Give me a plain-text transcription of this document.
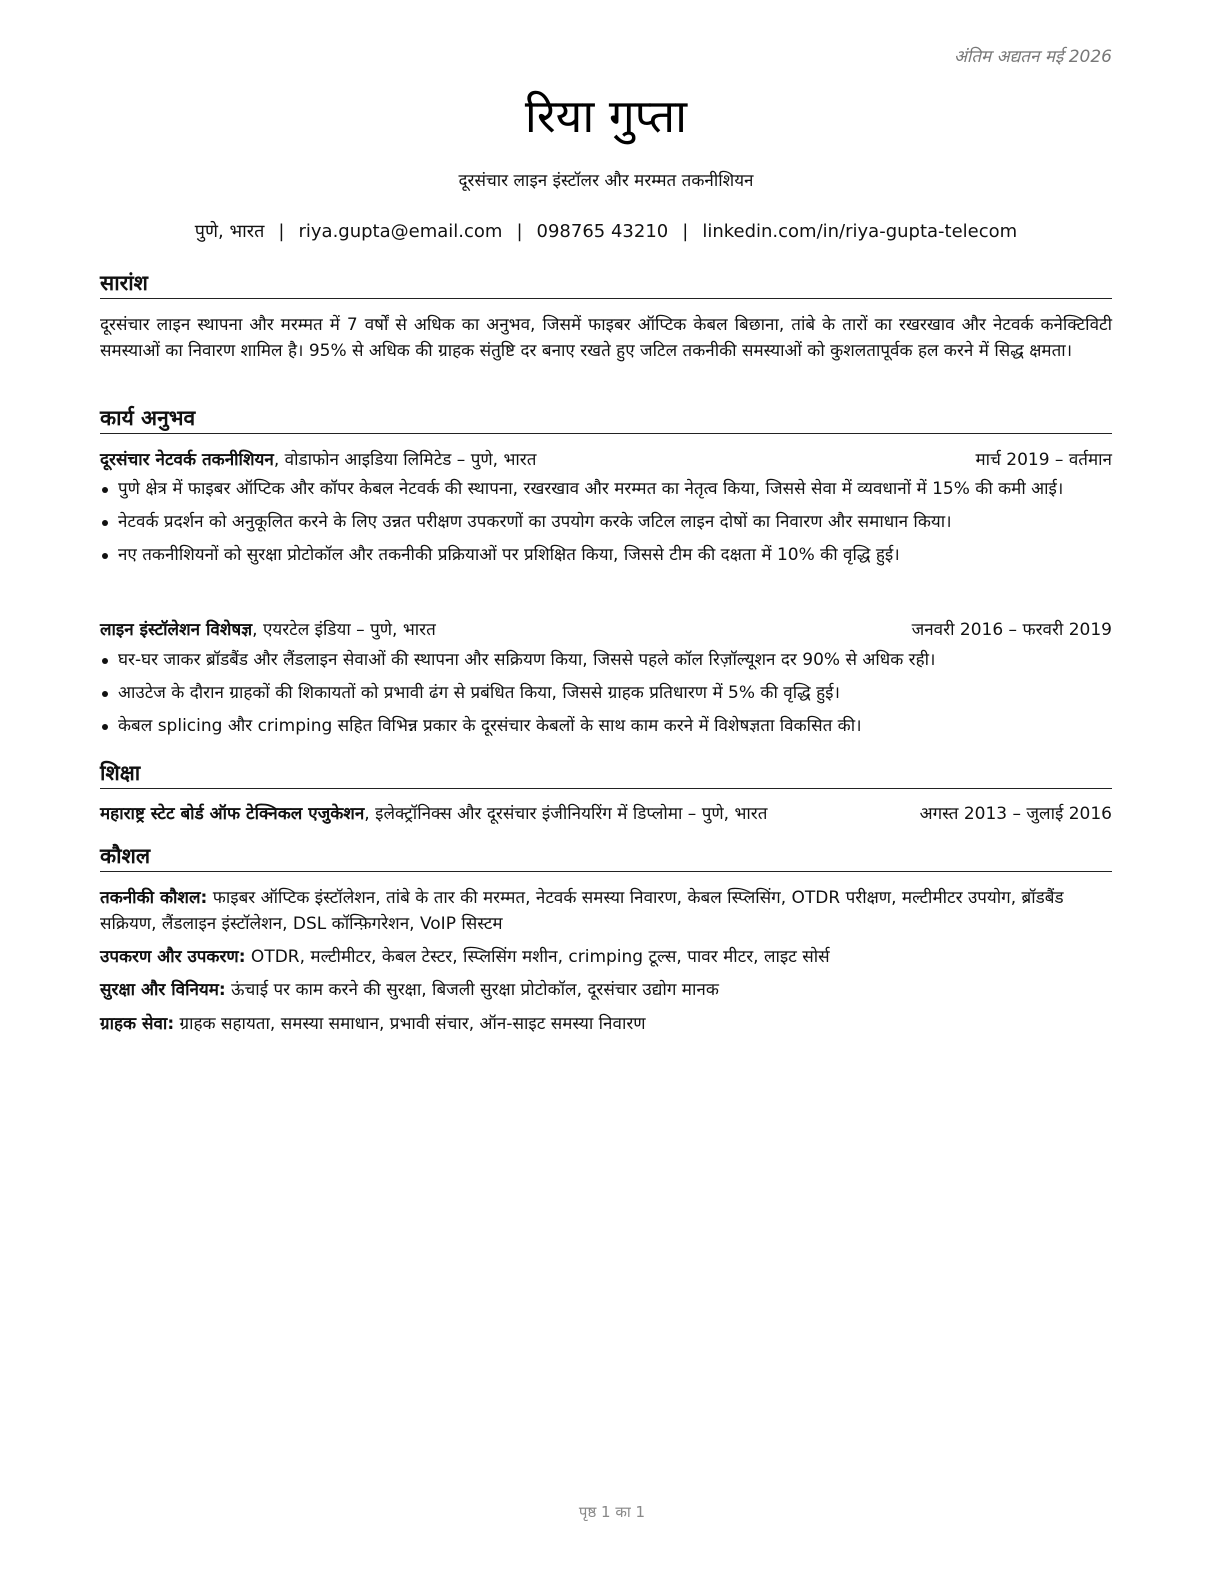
अंतिम अद्यतन मई 2026
रिया गुप्ता
दूरसंचार लाइन इंस्टॉलर और मरम्मत तकनीशियन
पुणे, भारत | riya.gupta@email.com | 098765 43210 | linkedin.com/in/riya-gupta-telecom
सारांश
दूरसंचार लाइन स्थापना और मरम्मत में 7 वर्षों से अधिक का अनुभव, जिसमें फाइबर ऑप्टिक केबल बिछाना, तांबे के तारों का रखरखाव और नेटवर्क कनेक्टिविटी समस्याओं का निवारण शामिल है। 95% से अधिक की ग्राहक संतुष्टि दर बनाए रखते हुए जटिल तकनीकी समस्याओं को कुशलतापूर्वक हल करने में सिद्ध क्षमता।
कार्य अनुभव
दूरसंचार नेटवर्क तकनीशियन, वोडाफोन आइडिया लिमिटेड – पुणे, भारत	मार्च 2019 – वर्तमान
पुणे क्षेत्र में फाइबर ऑप्टिक और कॉपर केबल नेटवर्क की स्थापना, रखरखाव और मरम्मत का नेतृत्व किया, जिससे सेवा में व्यवधानों में 15% की कमी आई।
नेटवर्क प्रदर्शन को अनुकूलित करने के लिए उन्नत परीक्षण उपकरणों का उपयोग करके जटिल लाइन दोषों का निवारण और समाधान किया।
नए तकनीशियनों को सुरक्षा प्रोटोकॉल और तकनीकी प्रक्रियाओं पर प्रशिक्षित किया, जिससे टीम की दक्षता में 10% की वृद्धि हुई।
लाइन इंस्टॉलेशन विशेषज्ञ, एयरटेल इंडिया – पुणे, भारत	जनवरी 2016 – फरवरी 2019
घर-घर जाकर ब्रॉडबैंड और लैंडलाइन सेवाओं की स्थापना और सक्रियण किया, जिससे पहले कॉल रिज़ॉल्यूशन दर 90% से अधिक रही।
आउटेज के दौरान ग्राहकों की शिकायतों को प्रभावी ढंग से प्रबंधित किया, जिससे ग्राहक प्रतिधारण में 5% की वृद्धि हुई।
केबल splicing और crimping सहित विभिन्न प्रकार के दूरसंचार केबलों के साथ काम करने में विशेषज्ञता विकसित की।
शिक्षा
महाराष्ट्र स्टेट बोर्ड ऑफ टेक्निकल एजुकेशन, इलेक्ट्रॉनिक्स और दूरसंचार इंजीनियरिंग में डिप्लोमा – पुणे, भारत	अगस्त 2013 – जुलाई 2016
कौशल
तकनीकी कौशल: फाइबर ऑप्टिक इंस्टॉलेशन, तांबे के तार की मरम्मत, नेटवर्क समस्या निवारण, केबल स्प्लिसिंग, OTDR परीक्षण, मल्टीमीटर उपयोग, ब्रॉडबैंड सक्रियण, लैंडलाइन इंस्टॉलेशन, DSL कॉन्फ़िगरेशन, VoIP सिस्टम
उपकरण और उपकरण: OTDR, मल्टीमीटर, केबल टेस्टर, स्प्लिसिंग मशीन, crimping टूल्स, पावर मीटर, लाइट सोर्स
सुरक्षा और विनियम: ऊंचाई पर काम करने की सुरक्षा, बिजली सुरक्षा प्रोटोकॉल, दूरसंचार उद्योग मानक
ग्राहक सेवा: ग्राहक सहायता, समस्या समाधान, प्रभावी संचार, ऑन-साइट समस्या निवारण
पृष्ठ 1 का 1
